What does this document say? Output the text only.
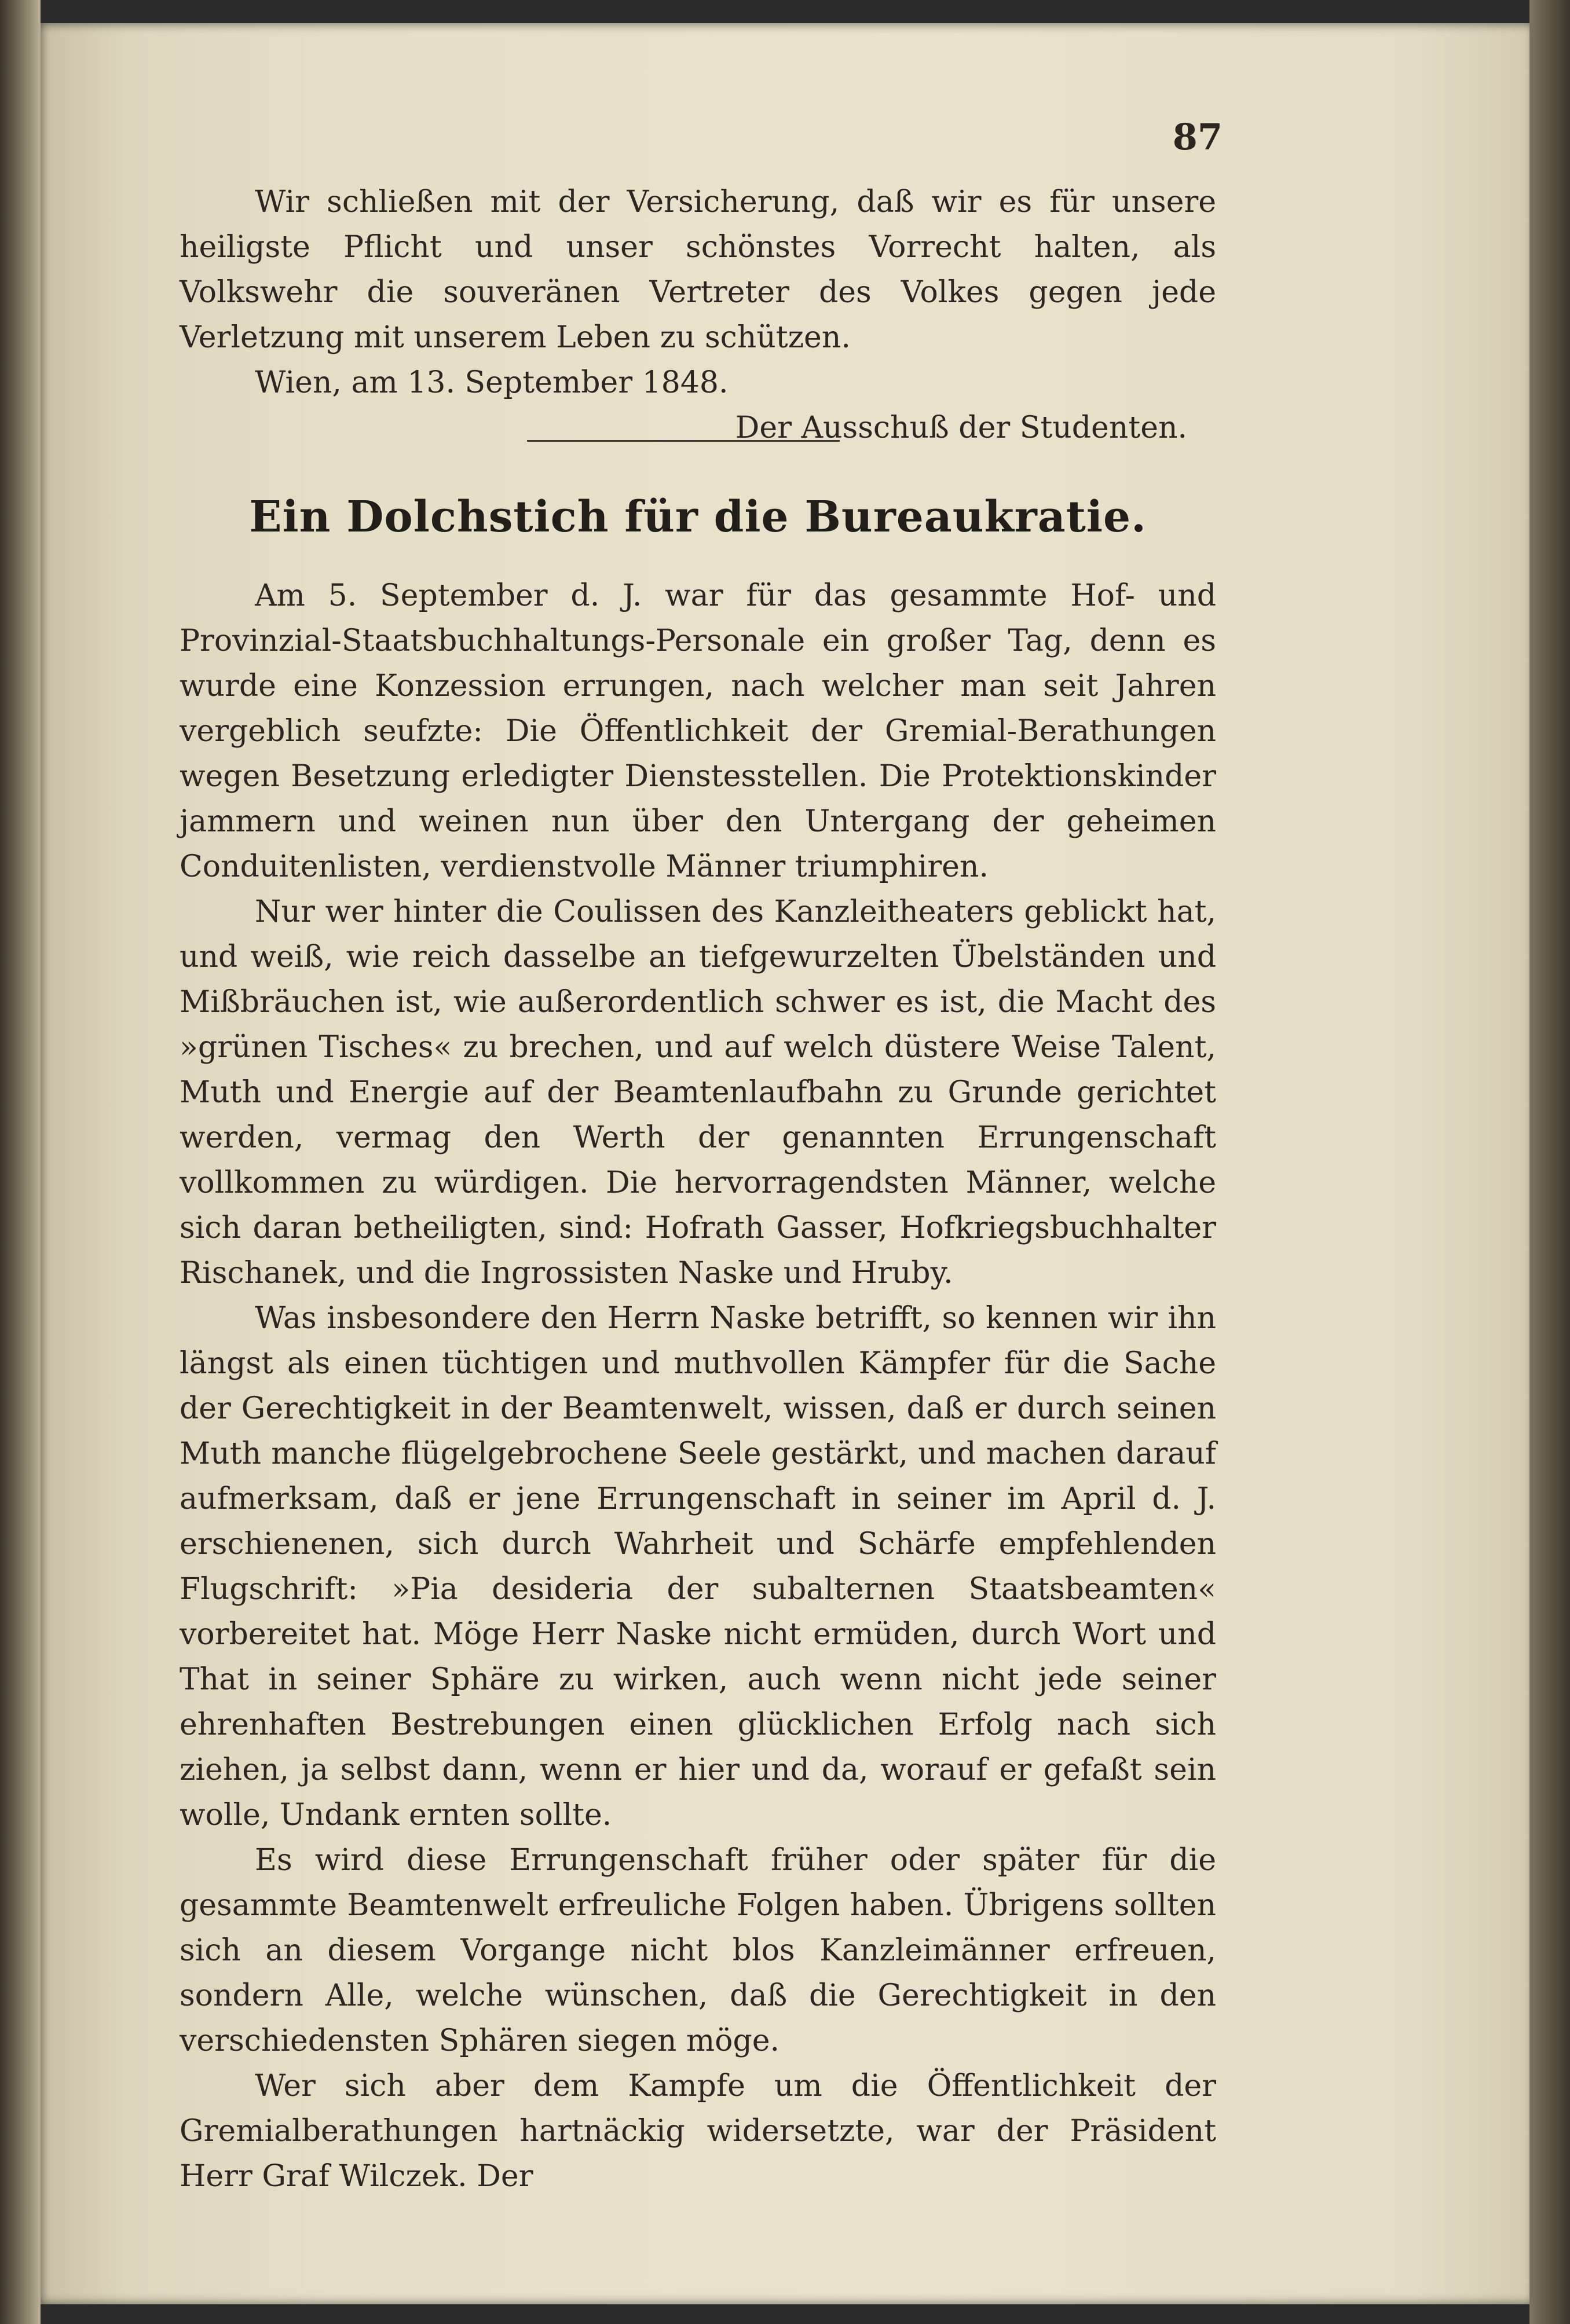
87

Wir schließen mit der Versicherung, daß wir es für unsere heiligste Pflicht und unser schönstes Vorrecht halten, als Volkswehr die souveränen Vertreter des Volkes gegen jede Verletzung mit unserem Leben zu schützen.

Wien, am 13. September 1848.

Der Ausschuß der Studenten.

Ein Dolchstich für die Bureaukratie.

Am 5. September d. J. war für das gesammte Hof- und Provinzial-Staatsbuchhaltungs-Personale ein großer Tag, denn es wurde eine Konzession errungen, nach welcher man seit Jahren vergeblich seufzte: Die Öffentlichkeit der Gremial-Berathungen wegen Besetzung erledigter Dienstesstellen. Die Protektionskinder jammern und weinen nun über den Untergang der geheimen Conduitenlisten, verdienstvolle Männer triumphiren.

Nur wer hinter die Coulissen des Kanzleitheaters geblickt hat, und weiß, wie reich dasselbe an tiefgewurzelten Übelständen und Mißbräuchen ist, wie außerordentlich schwer es ist, die Macht des »grünen Tisches« zu brechen, und auf welch düstere Weise Talent, Muth und Energie auf der Beamtenlaufbahn zu Grunde gerichtet werden, vermag den Werth der genannten Errungenschaft vollkommen zu würdigen. Die hervorragendsten Männer, welche sich daran betheiligten, sind: Hofrath Gasser, Hofkriegsbuchhalter Rischanek, und die Ingrossisten Naske und Hruby.

Was insbesondere den Herrn Naske betrifft, so kennen wir ihn längst als einen tüchtigen und muthvollen Kämpfer für die Sache der Gerechtigkeit in der Beamtenwelt, wissen, daß er durch seinen Muth manche flügelgebrochene Seele gestärkt, und machen darauf aufmerksam, daß er jene Errungenschaft in seiner im April d. J. erschienenen, sich durch Wahrheit und Schärfe empfehlenden Flugschrift: »Pia desideria der subalternen Staatsbeamten« vorbereitet hat. Möge Herr Naske nicht ermüden, durch Wort und That in seiner Sphäre zu wirken, auch wenn nicht jede seiner ehrenhaften Bestrebungen einen glücklichen Erfolg nach sich ziehen, ja selbst dann, wenn er hier und da, worauf er gefaßt sein wolle, Undank ernten sollte.

Es wird diese Errungenschaft früher oder später für die gesammte Beamtenwelt erfreuliche Folgen haben. Übrigens sollten sich an diesem Vorgange nicht blos Kanzleimänner erfreuen, sondern Alle, welche wünschen, daß die Gerechtigkeit in den verschiedensten Sphären siegen möge.

Wer sich aber dem Kampfe um die Öffentlichkeit der Gremialberathungen hartnäckig widersetzte, war der Präsident Herr Graf Wilczek. Der
